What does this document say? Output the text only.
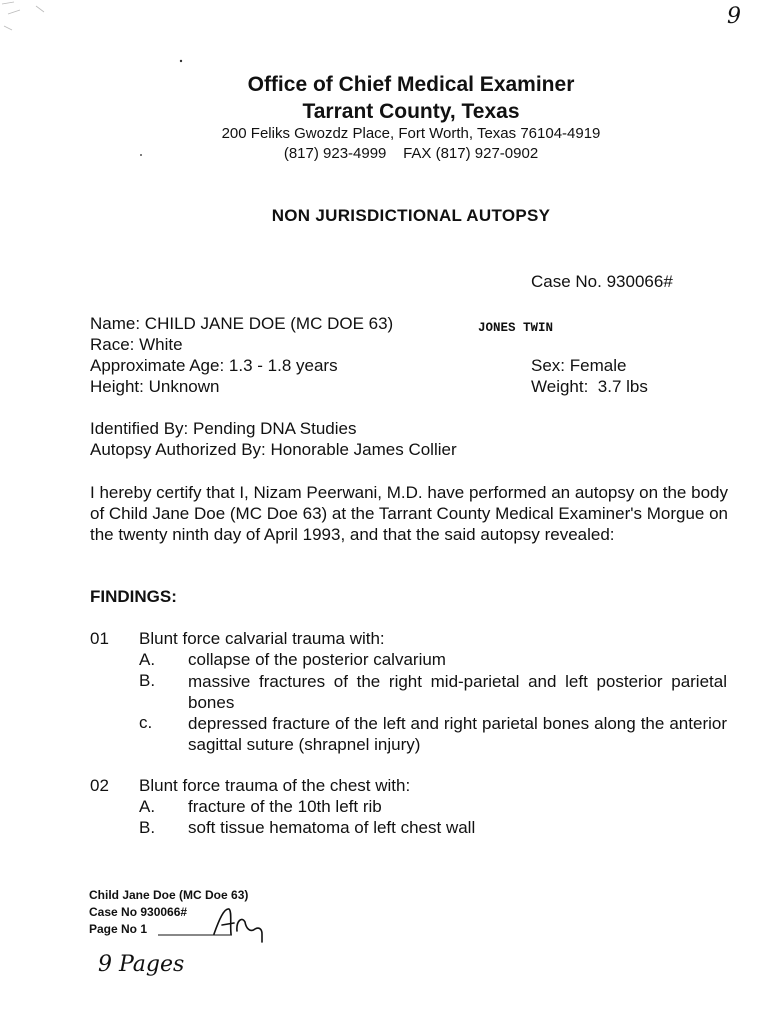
9
Office of Chief Medical Examiner
Tarrant County, Texas
200 Feliks Gwozdz Place, Fort Worth, Texas 76104-4919
(817) 923-4999    FAX (817) 927-0902
NON JURISDICTIONAL AUTOPSY
Case No. 930066#
Name: CHILD JANE DOE (MC DOE 63)	JONES TWIN
Race: White
Approximate Age: 1.3 - 1.8 years
Height: Unknown
Sex: Female
Weight:  3.7 lbs
Identified By: Pending DNA Studies
Autopsy Authorized By: Honorable James Collier
I hereby certify that I, Nizam Peerwani, M.D. have performed an autopsy on the body of Child Jane Doe (MC Doe 63) at the Tarrant County Medical Examiner's Morgue on the twenty ninth day of April 1993, and that the said autopsy revealed:
FINDINGS:
01 Blunt force calvarial trauma with:
A. collapse of the posterior calvarium
B. massive fractures of the right mid-parietal and left posterior parietal bones
c. depressed fracture of the left and right parietal bones along the anterior sagittal suture (shrapnel injury)
02 Blunt force trauma of the chest with:
A. fracture of the 10th left rib
B. soft tissue hematoma of left chest wall
Child Jane Doe (MC Doe 63)
Case No 930066#
Page No 1
9 Pages
